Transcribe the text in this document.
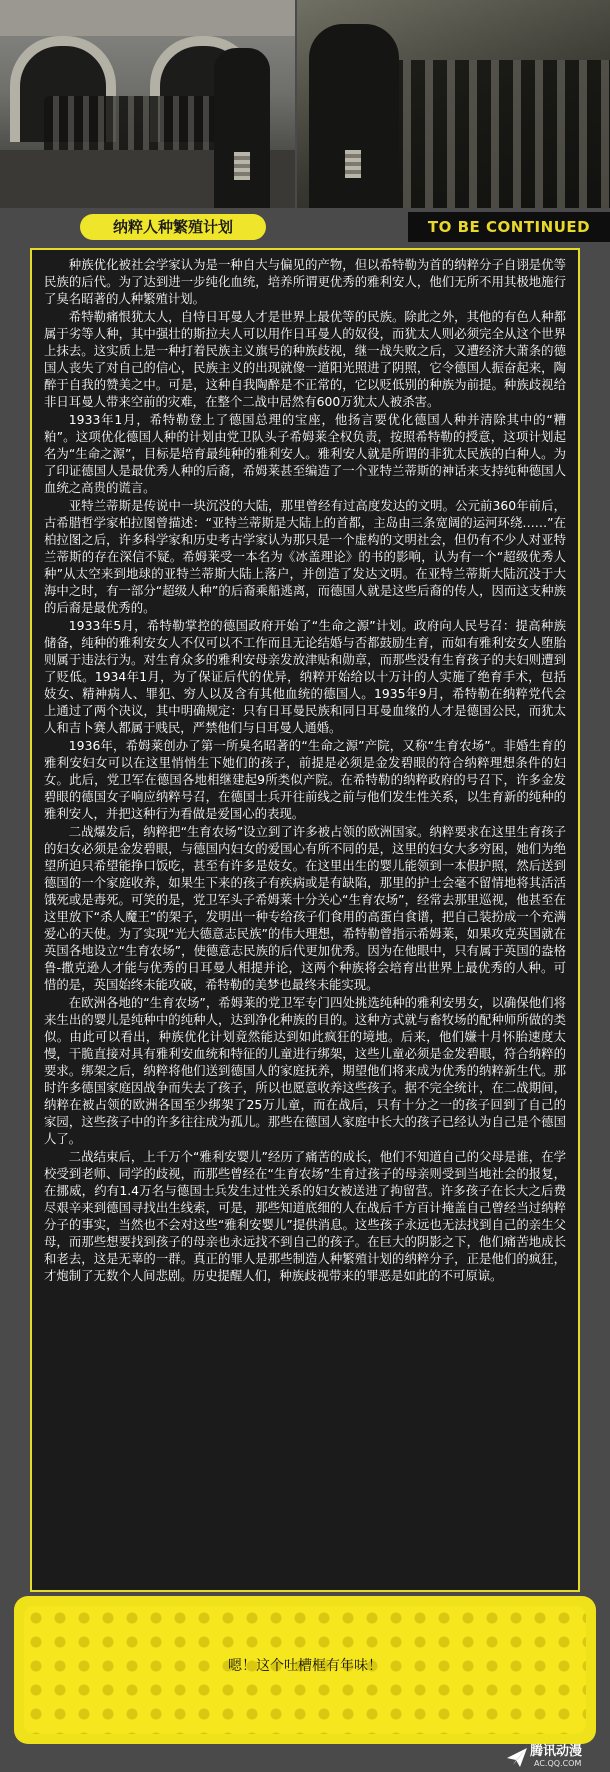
纳粹人种繁殖计划	TO BE CONTINUED

种族优化被社会学家认为是一种自大与偏见的产物，但以希特勒为首的纳粹分子自诩是优等民族的后代。为了达到进一步纯化血统，培养所谓更优秀的雅利安人，他们无所不用其极地施行了臭名昭著的人种繁殖计划。

希特勒痛恨犹太人，自恃日耳曼人才是世界上最优等的民族。除此之外，其他的有色人种都属于劣等人种，其中强壮的斯拉夫人可以用作日耳曼人的奴役，而犹太人则必须完全从这个世界上抹去。这实质上是一种打着民族主义旗号的种族歧视，继一战失败之后，又遭经济大萧条的德国人丧失了对自己的信心，民族主义的出现就像一道阳光照进了阴照，它令德国人振奋起来，陶醉于自我的赞美之中。可是，这种自我陶醉是不正常的，它以贬低别的种族为前提。种族歧视给非日耳曼人带来空前的灾难，在整个二战中居然有600万犹太人被杀害。

1933年1月，希特勒登上了德国总理的宝座，他扬言要优化德国人种并清除其中的“糟粕”。这项优化德国人种的计划由党卫队头子希姆莱全权负责，按照希特勒的授意，这项计划起名为“生命之源”，目标是培育最纯种的雅利安人。雅利安人就是所谓的非犹太民族的白种人。为了印证德国人是最优秀人种的后裔，希姆莱甚至编造了一个亚特兰蒂斯的神话来支持纯种德国人血统之高贵的谎言。

亚特兰蒂斯是传说中一块沉没的大陆，那里曾经有过高度发达的文明。公元前360年前后，古希腊哲学家柏拉图曾描述：“亚特兰蒂斯是大陆上的首都，主岛由三条宽阔的运河环绕……”在柏拉图之后，许多科学家和历史考古学家认为那只是一个虚构的文明社会，但仍有不少人对亚特兰蒂斯的存在深信不疑。希姆莱受一本名为《冰盖理论》的书的影响，认为有一个“超级优秀人种”从太空来到地球的亚特兰蒂斯大陆上落户，并创造了发达文明。在亚特兰蒂斯大陆沉没于大海中之时，有一部分“超级人种”的后裔乘船逃离，而德国人就是这些后裔的传人，因而这支种族的后裔是最优秀的。

1933年5月，希特勒掌控的德国政府开始了“生命之源”计划。政府向人民号召：提高种族储备，纯种的雅利安女人不仅可以不工作而且无论结婚与否都鼓励生育，而如有雅利安女人堕胎则属于违法行为。对生育众多的雅利安母亲发放津贴和勋章，而那些没有生育孩子的夫妇则遭到了贬低。1934年1月，为了保证后代的优异，纳粹开始给以十万计的人实施了绝育手术，包括妓女、精神病人、罪犯、穷人以及含有其他血统的德国人。1935年9月，希特勒在纳粹党代会上通过了两个决议，其中明确规定：只有日耳曼民族和同日耳曼血缘的人才是德国公民，而犹太人和吉卜赛人都属于贱民，严禁他们与日耳曼人通婚。

1936年，希姆莱创办了第一所臭名昭著的“生命之源”产院，又称“生育农场”。非婚生育的雅利安妇女可以在这里悄悄生下她们的孩子，前提是必须是金发碧眼的符合纳粹理想条件的妇女。此后，党卫军在德国各地相继建起9所类似产院。在希特勒的纳粹政府的号召下，许多金发碧眼的德国女子响应纳粹号召，在德国士兵开往前线之前与他们发生性关系，以生育新的纯种的雅利安人，并把这种行为看做是爱国心的表现。

二战爆发后，纳粹把“生育农场”设立到了许多被占领的欧洲国家。纳粹要求在这里生育孩子的妇女必须是金发碧眼，与德国内妇女的爱国心有所不同的是，这里的妇女大多穷困，她们为绝望所迫只希望能挣口饭吃，甚至有许多是妓女。在这里出生的婴儿能领到一本假护照，然后送到德国的一个家庭收养，如果生下来的孩子有疾病或是有缺陷，那里的护士会毫不留情地将其活活饿死或是毒死。可笑的是，党卫军头子希姆莱十分关心“生育农场”，经常去那里巡视，他甚至在这里放下“杀人魔王”的架子，发明出一种专给孩子们食用的高蛋白食谱，把自己装扮成一个充满爱心的天使。为了实现“光大德意志民族”的伟大理想，希特勒曾指示希姆莱，如果攻克英国就在英国各地设立“生育农场”，使德意志民族的后代更加优秀。因为在他眼中，只有属于英国的盎格鲁-撒克逊人才能与优秀的日耳曼人相提并论，这两个种族将会培育出世界上最优秀的人种。可惜的是，英国始终未能攻破，希特勒的美梦也最终未能实现。

在欧洲各地的“生育农场”，希姆莱的党卫军专门四处挑选纯种的雅利安男女，以确保他们将来生出的婴儿是纯种中的纯种人，达到净化种族的目的。这种方式就与畜牧场的配种师所做的类似。由此可以看出，种族优化计划竟然能达到如此疯狂的境地。后来，他们嫌十月怀胎速度太慢，干脆直接对具有雅利安血统和特征的儿童进行绑架，这些儿童必须是金发碧眼，符合纳粹的要求。绑架之后，纳粹将他们送到德国人的家庭抚养，期望他们将来成为优秀的纳粹新生代。那时许多德国家庭因战争而失去了孩子，所以也愿意收养这些孩子。据不完全统计，在二战期间，纳粹在被占领的欧洲各国至少绑架了25万儿童，而在战后，只有十分之一的孩子回到了自己的家园，这些孩子中的许多往往成为孤儿。那些在德国人家庭中长大的孩子已经认为自己是个德国人了。

二战结束后，上千万个“雅利安婴儿”经历了痛苦的成长，他们不知道自己的父母是谁，在学校受到老师、同学的歧视，而那些曾经在“生育农场”生育过孩子的母亲则受到当地社会的报复，在挪威，约有1.4万名与德国士兵发生过性关系的妇女被送进了拘留营。许多孩子在长大之后费尽艰辛来到德国寻找出生线索，可是，那些知道底细的人在战后千方百计掩盖自己曾经当过纳粹分子的事实，当然也不会对这些“雅利安婴儿”提供消息。这些孩子永远也无法找到自己的亲生父母，而那些想要找到孩子的母亲也永远找不到自己的孩子。在巨大的阴影之下，他们痛苦地成长和老去，这是无辜的一群。真正的罪人是那些制造人种繁殖计划的纳粹分子，正是他们的疯狂，才炮制了无数个人间悲剧。历史提醒人们，种族歧视带来的罪恶是如此的不可原谅。

嗯！这个吐槽框有年味！
腾讯动漫
AC.QQ.COM
